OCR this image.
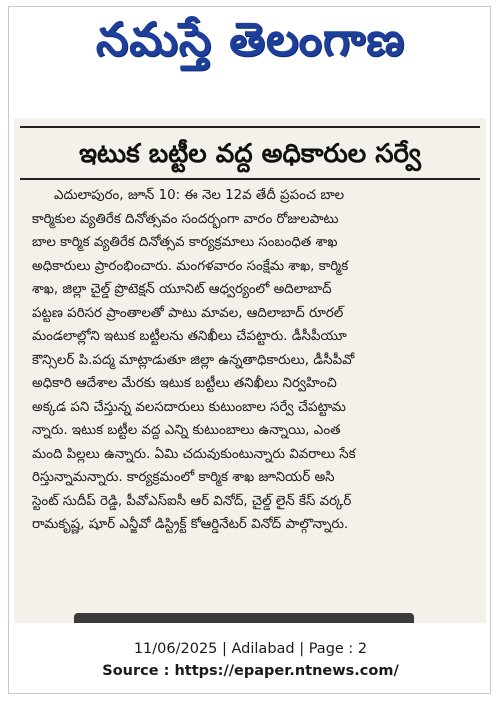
నమస్తే తెలంగాణ
ఇటుక బట్టీల వద్ద అధికారుల సర్వే
ఎదులాపురం, జూన్ 10: ఈ నెల 12వ తేదీ ప్రపంచ బాల
కార్మికుల వ్యతిరేక దినోత్సవం సందర్భంగా వారం రోజులపాటు
బాల కార్మిక వ్యతిరేక దినోత్సవ కార్యక్రమాలు సంబంధిత శాఖ
అధికారులు ప్రారంభించారు. మంగళవారం సంక్షేమ శాఖ, కార్మిక
శాఖ, జిల్లా చైల్డ్ ప్రొటెక్షన్ యూనిట్ ఆధ్వర్యంలో అదిలాబాద్
పట్టణ పరిసర ప్రాంతాలతో పాటు మావల, ఆదిలాబాద్ రూరల్
మండలాల్లోని ఇటుక బట్టీలను తనిఖీలు చేపట్టారు. డీసీపీయూ
కౌన్సిలర్ పి.పద్మ మాట్లాడుతూ జిల్లా ఉన్నతాధికారులు, డీసీపీవో
అధికారి ఆదేశాల మేరకు ఇటుక బట్టీలు తనిఖీలు నిర్వహించి
అక్కడ పని చేస్తున్న వలసదారులు కుటుంబాల సర్వే చేపట్టామ
న్నారు. ఇటుక బట్టీల వద్ద ఎన్ని కుటుంబాలు ఉన్నాయి, ఎంత
మంది పిల్లలు ఉన్నారు. ఏమి చదువుకుంటున్నారు వివరాలు సేక
రిస్తున్నామన్నారు. కార్యక్రమంలో కార్మిక శాఖ జూనియర్ అసి
స్టెంట్ సుదీప్ రెడ్డి, పీవోఎస్ఐసీ ఆర్ వినోద్, చైల్డ్ లైన్ కేస్ వర్కర్
రామకృష్ణ, షూర్ ఎన్జీవో డిస్ట్రిక్ట్ కోఆర్డినేటర్ వినోద్ పాల్గొన్నారు.
11/06/2025 | Adilabad | Page : 2
Source : https://epaper.ntnews.com/
